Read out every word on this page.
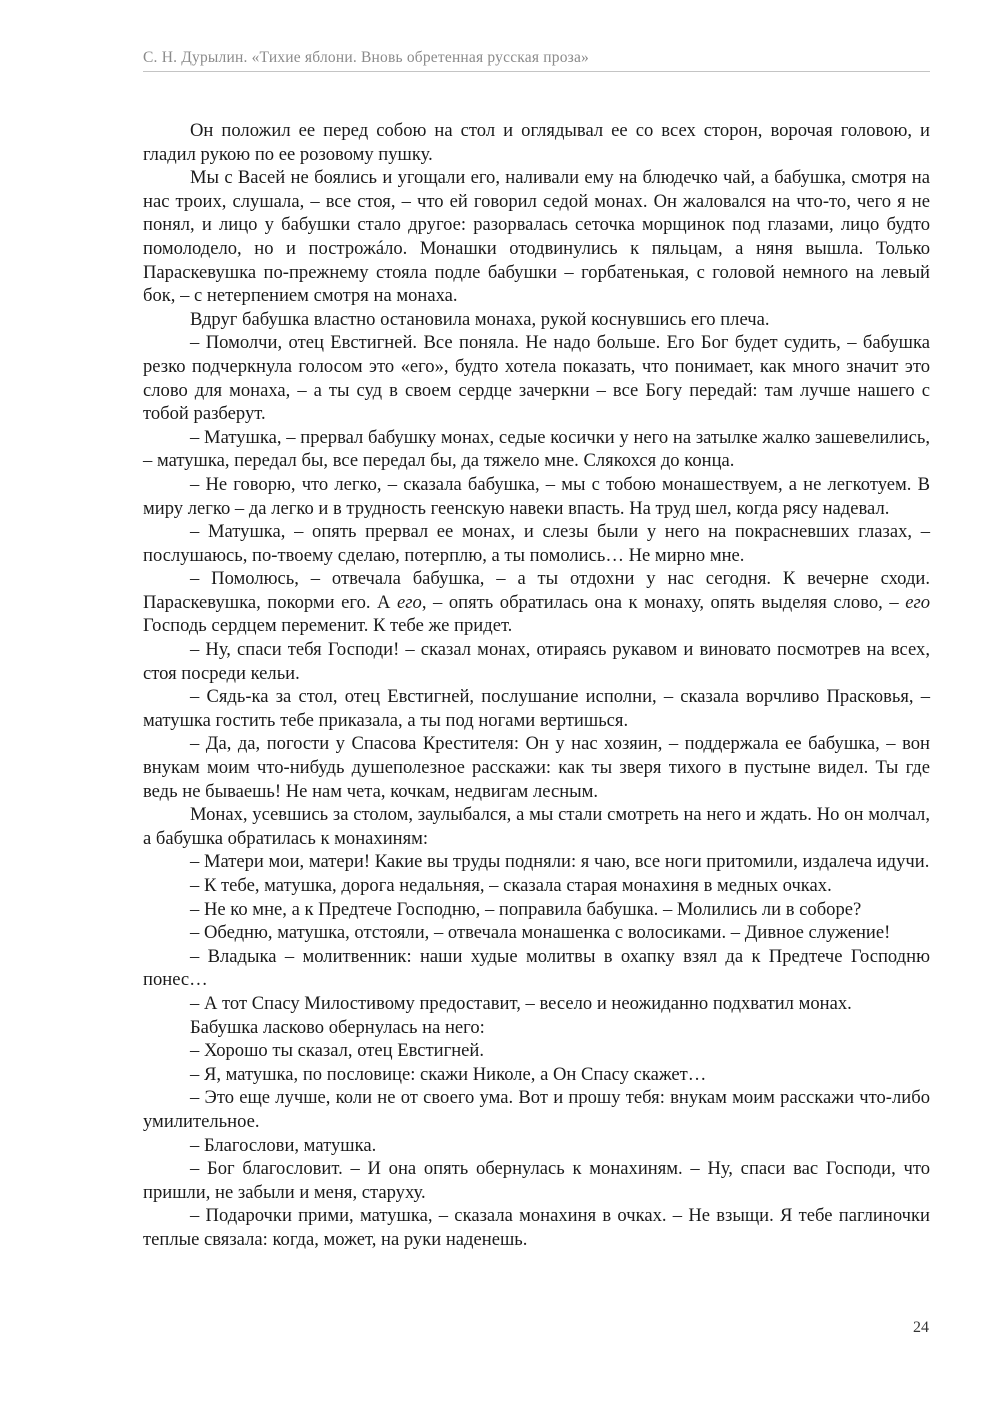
С. Н. Дурылин. «Тихие яблони. Вновь обретенная русская проза»

Он положил ее перед собою на стол и оглядывал ее со всех сторон, ворочая головою, и гладил рукою по ее розовому пушку.

Мы с Васей не боялись и угощали его, наливали ему на блюдечко чай, а бабушка, смотря на нас троих, слушала, – все стоя, – что ей говорил седой монах. Он жаловался на что-то, чего я не понял, и лицо у бабушки стало другое: разорвалась сеточка морщинок под глазами, лицо будто помолодело, но и построжáло. Монашки отодвинулись к пяльцам, а няня вышла. Только Параскевушка по-прежнему стояла подле бабушки – горбатенькая, с головой немного на левый бок, – с нетерпением смотря на монаха.

Вдруг бабушка властно остановила монаха, рукой коснувшись его плеча.

– Помолчи, отец Евстигней. Все поняла. Не надо больше. Его Бог будет судить, – бабушка резко подчеркнула голосом это «его», будто хотела показать, что понимает, как много значит это слово для монаха, – а ты суд в своем сердце зачеркни – все Богу передай: там лучше нашего с тобой разберут.

– Матушка, – прервал бабушку монах, седые косички у него на затылке жалко зашевелились, – матушка, передал бы, все передал бы, да тяжело мне. Слякохся до конца.

– Не говорю, что легко, – сказала бабушка, – мы с тобою монашествуем, а не легкотуем. В миру легко – да легко и в трудность геенскую навеки впасть. На труд шел, когда рясу надевал.

– Матушка, – опять прервал ее монах, и слезы были у него на покрасневших глазах, – послушаюсь, по-твоему сделаю, потерплю, а ты помолись… Не мирно мне.

– Помолюсь, – отвечала бабушка, – а ты отдохни у нас сегодня. К вечерне сходи. Параскевушка, покорми его. А его, – опять обратилась она к монаху, опять выделяя слово, – его Господь сердцем переменит. К тебе же придет.

– Ну, спаси тебя Господи! – сказал монах, отираясь рукавом и виновато посмотрев на всех, стоя посреди кельи.

– Сядь-ка за стол, отец Евстигней, послушание исполни, – сказала ворчливо Прасковья, – матушка гостить тебе приказала, а ты под ногами вертишься.

– Да, да, погости у Спасова Крестителя: Он у нас хозяин, – поддержала ее бабушка, – вон внукам моим что-нибудь душеполезное расскажи: как ты зверя тихого в пустыне видел. Ты где ведь не бываешь! Не нам чета, кочкам, недвигам лесным.

Монах, усевшись за столом, заулыбался, а мы стали смотреть на него и ждать. Но он молчал, а бабушка обратилась к монахиням:

– Матери мои, матери! Какие вы труды подняли: я чаю, все ноги притомили, издалеча идучи.

– К тебе, матушка, дорога недальняя, – сказала старая монахиня в медных очках.

– Не ко мне, а к Предтече Господню, – поправила бабушка. – Молились ли в соборе?

– Обедню, матушка, отстояли, – отвечала монашенка с волосиками. – Дивное служение!

– Владыка – молитвенник: наши худые молитвы в охапку взял да к Предтече Господню понес…

– А тот Спасу Милостивому предоставит, – весело и неожиданно подхватил монах.

Бабушка ласково обернулась на него:

– Хорошо ты сказал, отец Евстигней.

– Я, матушка, по пословице: скажи Николе, а Он Спасу скажет…

– Это еще лучше, коли не от своего ума. Вот и прошу тебя: внукам моим расскажи что-либо умилительное.

– Благослови, матушка.

– Бог благословит. – И она опять обернулась к монахиням. – Ну, спаси вас Господи, что пришли, не забыли и меня, старуху.

– Подарочки прими, матушка, – сказала монахиня в очках. – Не взыщи. Я тебе паглиночки теплые связала: когда, может, на руки наденешь.

24
